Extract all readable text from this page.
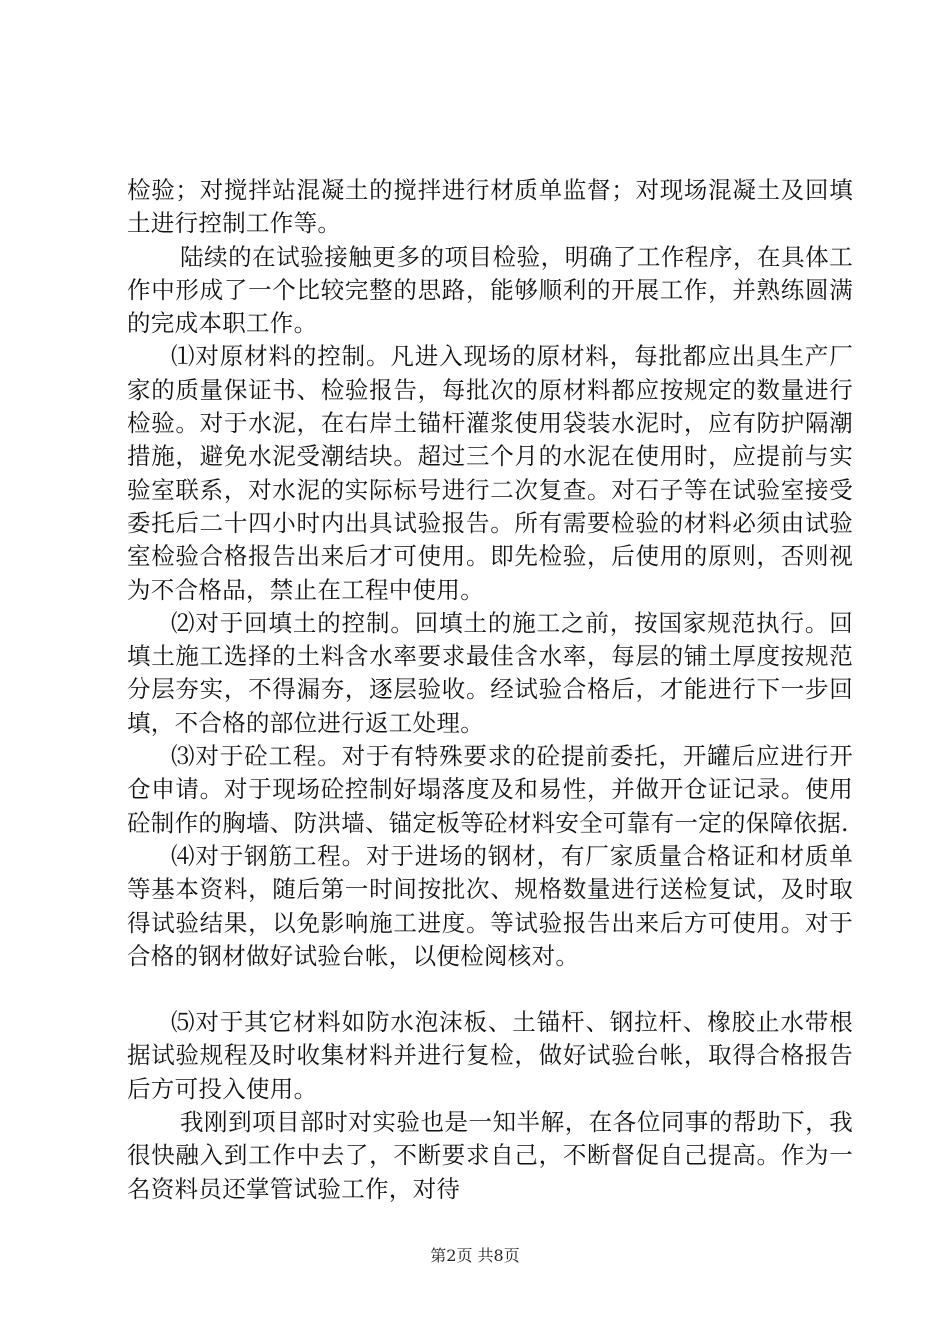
检验；对搅拌站混凝土的搅拌进行材质单监督；对现场混凝土及回填土进行控制工作等。

陆续的在试验接触更多的项目检验，明确了工作程序，在具体工作中形成了一个比较完整的思路，能够顺利的开展工作，并熟练圆满的完成本职工作。

⑴对原材料的控制。凡进入现场的原材料，每批都应出具生产厂家的质量保证书、检验报告，每批次的原材料都应按规定的数量进行检验。对于水泥，在右岸土锚杆灌浆使用袋装水泥时，应有防护隔潮措施，避免水泥受潮结块。超过三个月的水泥在使用时，应提前与实验室联系，对水泥的实际标号进行二次复查。对石子等在试验室接受委托后二十四小时内出具试验报告。所有需要检验的材料必须由试验室检验合格报告出来后才可使用。即先检验，后使用的原则，否则视为不合格品，禁止在工程中使用。

⑵对于回填土的控制。回填土的施工之前，按国家规范执行。回填土施工选择的土料含水率要求最佳含水率，每层的铺土厚度按规范分层夯实，不得漏夯，逐层验收。经试验合格后，才能进行下一步回填，不合格的部位进行返工处理。

⑶对于砼工程。对于有特殊要求的砼提前委托，开罐后应进行开仓申请。对于现场砼控制好塌落度及和易性，并做开仓证记录。使用砼制作的胸墙、防洪墙、锚定板等砼材料安全可靠有一定的保障依据.

⑷对于钢筋工程。对于进场的钢材，有厂家质量合格证和材质单等基本资料，随后第一时间按批次、规格数量进行送检复试，及时取得试验结果，以免影响施工进度。等试验报告出来后方可使用。对于合格的钢材做好试验台帐，以便检阅核对。

⑸对于其它材料如防水泡沫板、土锚杆、钢拉杆、橡胶止水带根据试验规程及时收集材料并进行复检，做好试验台帐，取得合格报告后方可投入使用。

我刚到项目部时对实验也是一知半解，在各位同事的帮助下，我很快融入到工作中去了，不断要求自己，不断督促自己提高。作为一名资料员还掌管试验工作，对待

第2页 共8页
